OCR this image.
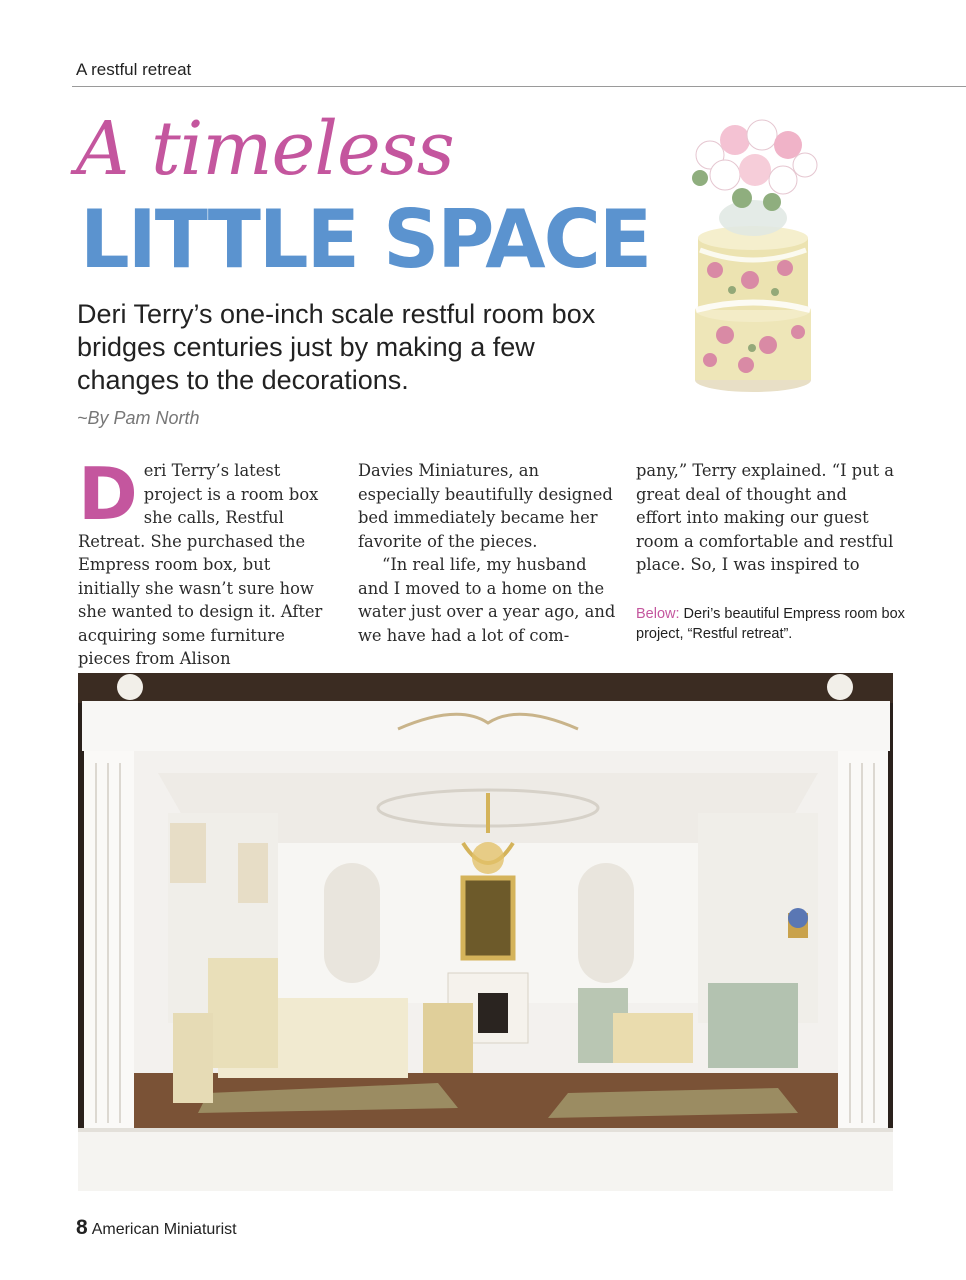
A restful retreat
A timeless
LITTLE SPACE
Deri Terry’s one-inch scale restful room box bridges centuries just by making a few changes to the decorations.
~By Pam North
D eri Terry’s latest project is a room box she calls, Restful Retreat. She purchased the Empress room box, but initially she wasn’t sure how she wanted to design it. After acquiring some furniture pieces from Alison

Davies Miniatures, an especially beautifully designed bed immediately became her favorite of the pieces.

“In real life, my husband and I moved to a home on the water just over a year ago, and we have had a lot of com-

pany,” Terry explained. “I put a great deal of thought and effort into making our guest room a comfortable and restful place. So, I was inspired to

Below: Deri’s beautiful Empress room box project, “Restful retreat”.
8 American Miniaturist
